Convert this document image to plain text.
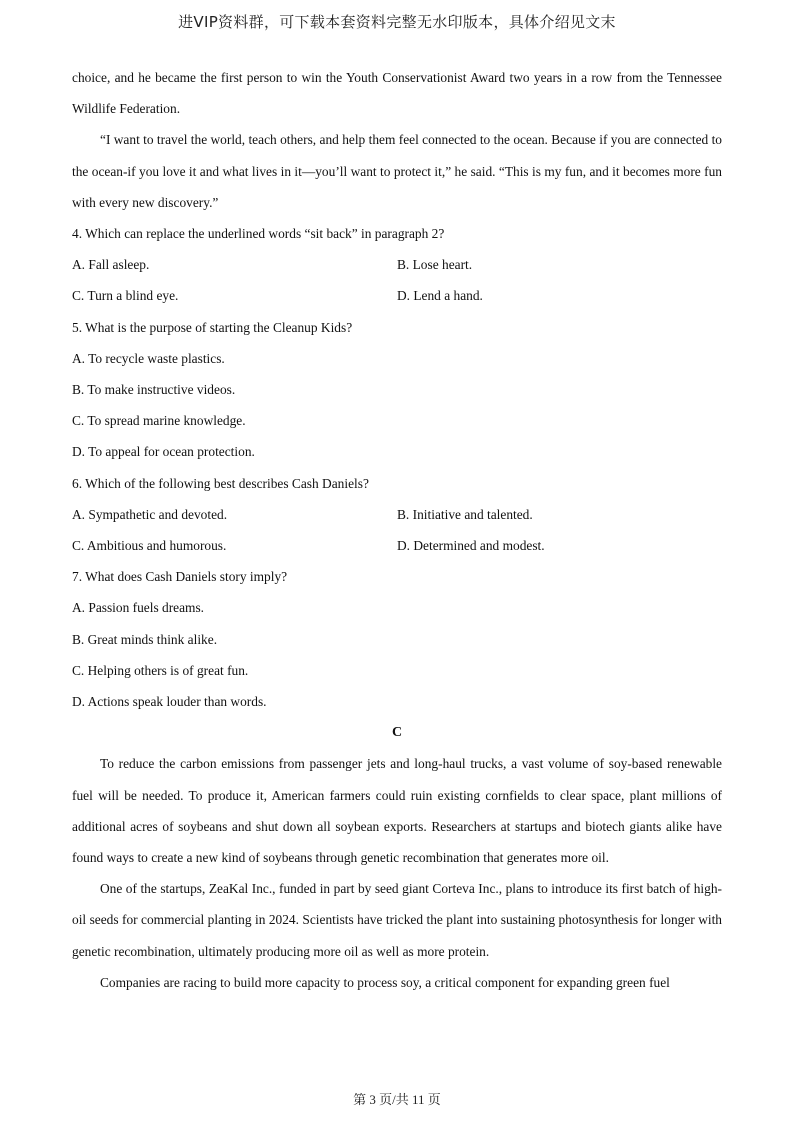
进VIP资料群，可下载本套资料完整无水印版本，具体介绍见文末

choice, and he became the first person to win the Youth Conservationist Award two years in a row from the Tennessee Wildlife Federation.

“I want to travel the world, teach others, and help them feel connected to the ocean. Because if you are connected to the ocean-if you love it and what lives in it—you’ll want to protect it,” he said. “This is my fun, and it becomes more fun with every new discovery.”

4. Which can replace the underlined words “sit back” in paragraph 2?

A. Fall asleep.	B. Lose heart.
C. Turn a blind eye.	D. Lend a hand.

5. What is the purpose of starting the Cleanup Kids?

A. To recycle waste plastics.

B. To make instructive videos.

C. To spread marine knowledge.

D. To appeal for ocean protection.

6. Which of the following best describes Cash Daniels?

A. Sympathetic and devoted.	B. Initiative and talented.
C. Ambitious and humorous.	D. Determined and modest.

7. What does Cash Daniels story imply?

A. Passion fuels dreams.

B. Great minds think alike.

C. Helping others is of great fun.

D. Actions speak louder than words.

C

To reduce the carbon emissions from passenger jets and long-haul trucks, a vast volume of soy-based renewable fuel will be needed. To produce it, American farmers could ruin existing cornfields to clear space, plant millions of additional acres of soybeans and shut down all soybean exports. Researchers at startups and biotech giants alike have found ways to create a new kind of soybeans through genetic recombination that generates more oil.

One of the startups, ZeaKal Inc., funded in part by seed giant Corteva Inc., plans to introduce its first batch of high-oil seeds for commercial planting in 2024. Scientists have tricked the plant into sustaining photosynthesis for longer with genetic recombination, ultimately producing more oil as well as more protein.

Companies are racing to build more capacity to process soy, a critical component for expanding green fuel

第 3 页/共 11 页
